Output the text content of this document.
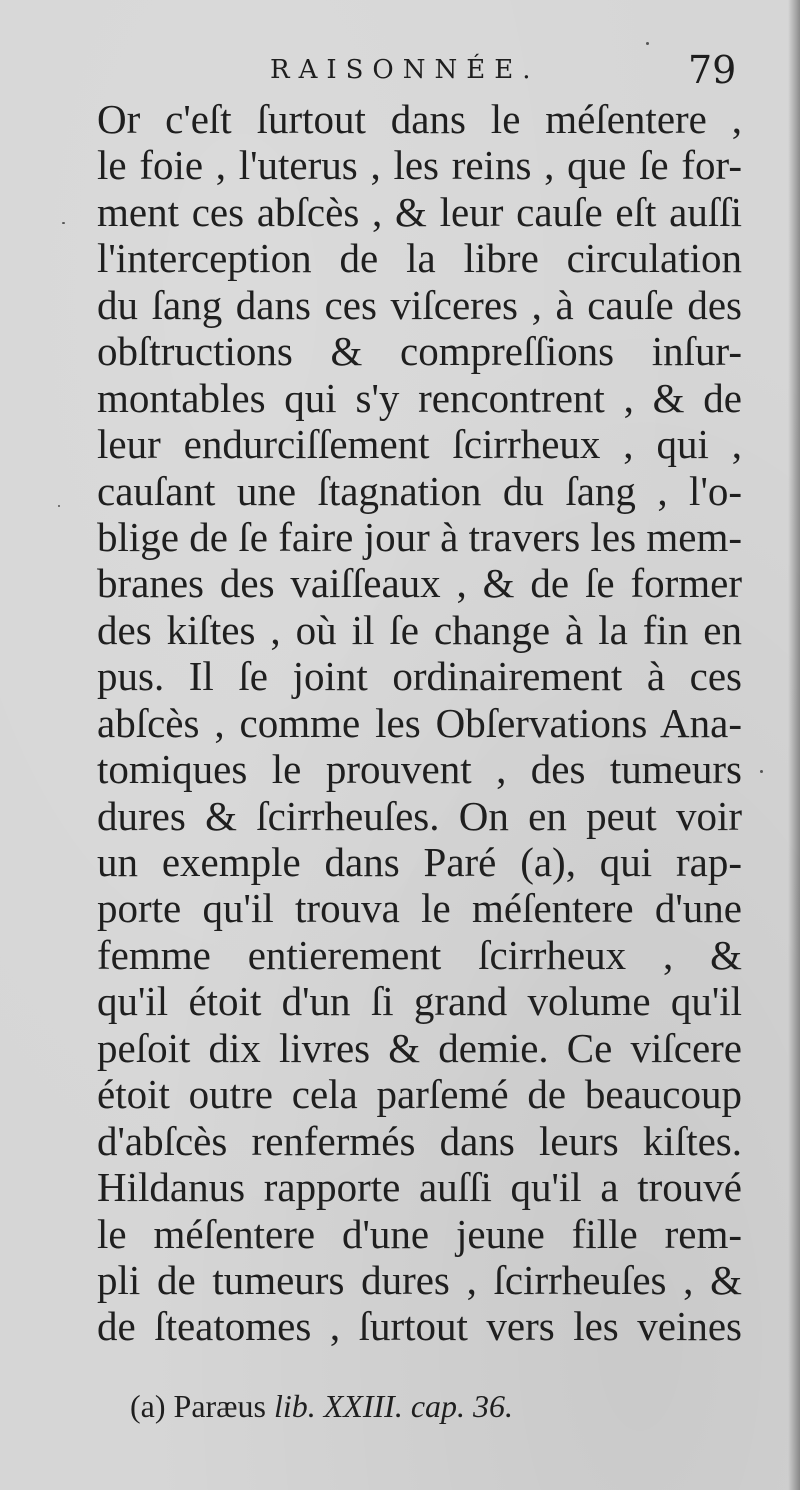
RAISONNÉE.	79
Or c'eſt ſurtout dans le méſentere ,
le foie , l'uterus , les reins , que ſe for-
ment ces abſcès , & leur cauſe eſt auſſi
l'interception de la libre circulation
du ſang dans ces viſceres , à cauſe des
obſtructions & compreſſions inſur-
montables qui s'y rencontrent , & de
leur endurciſſement ſcirrheux , qui ,
cauſant une ſtagnation du ſang , l'o-
blige de ſe faire jour à travers les mem-
branes des vaiſſeaux , & de ſe former
des kiſtes , où il ſe change à la fin en
pus. Il ſe joint ordinairement à ces
abſcès , comme les Obſervations Ana-
tomiques le prouvent , des tumeurs
dures & ſcirrheuſes. On en peut voir
un exemple dans Paré (a), qui rap-
porte qu'il trouva le méſentere d'une
femme entierement ſcirrheux , &
qu'il étoit d'un ſi grand volume qu'il
peſoit dix livres & demie. Ce viſcere
étoit outre cela parſemé de beaucoup
d'abſcès renfermés dans leurs kiſtes.
Hildanus rapporte auſſi qu'il a trouvé
le méſentere d'une jeune fille rem-
pli de tumeurs dures , ſcirrheuſes , &
de ſteatomes , ſurtout vers les veines
(a) Paræus lib. XXIII. cap. 36.
